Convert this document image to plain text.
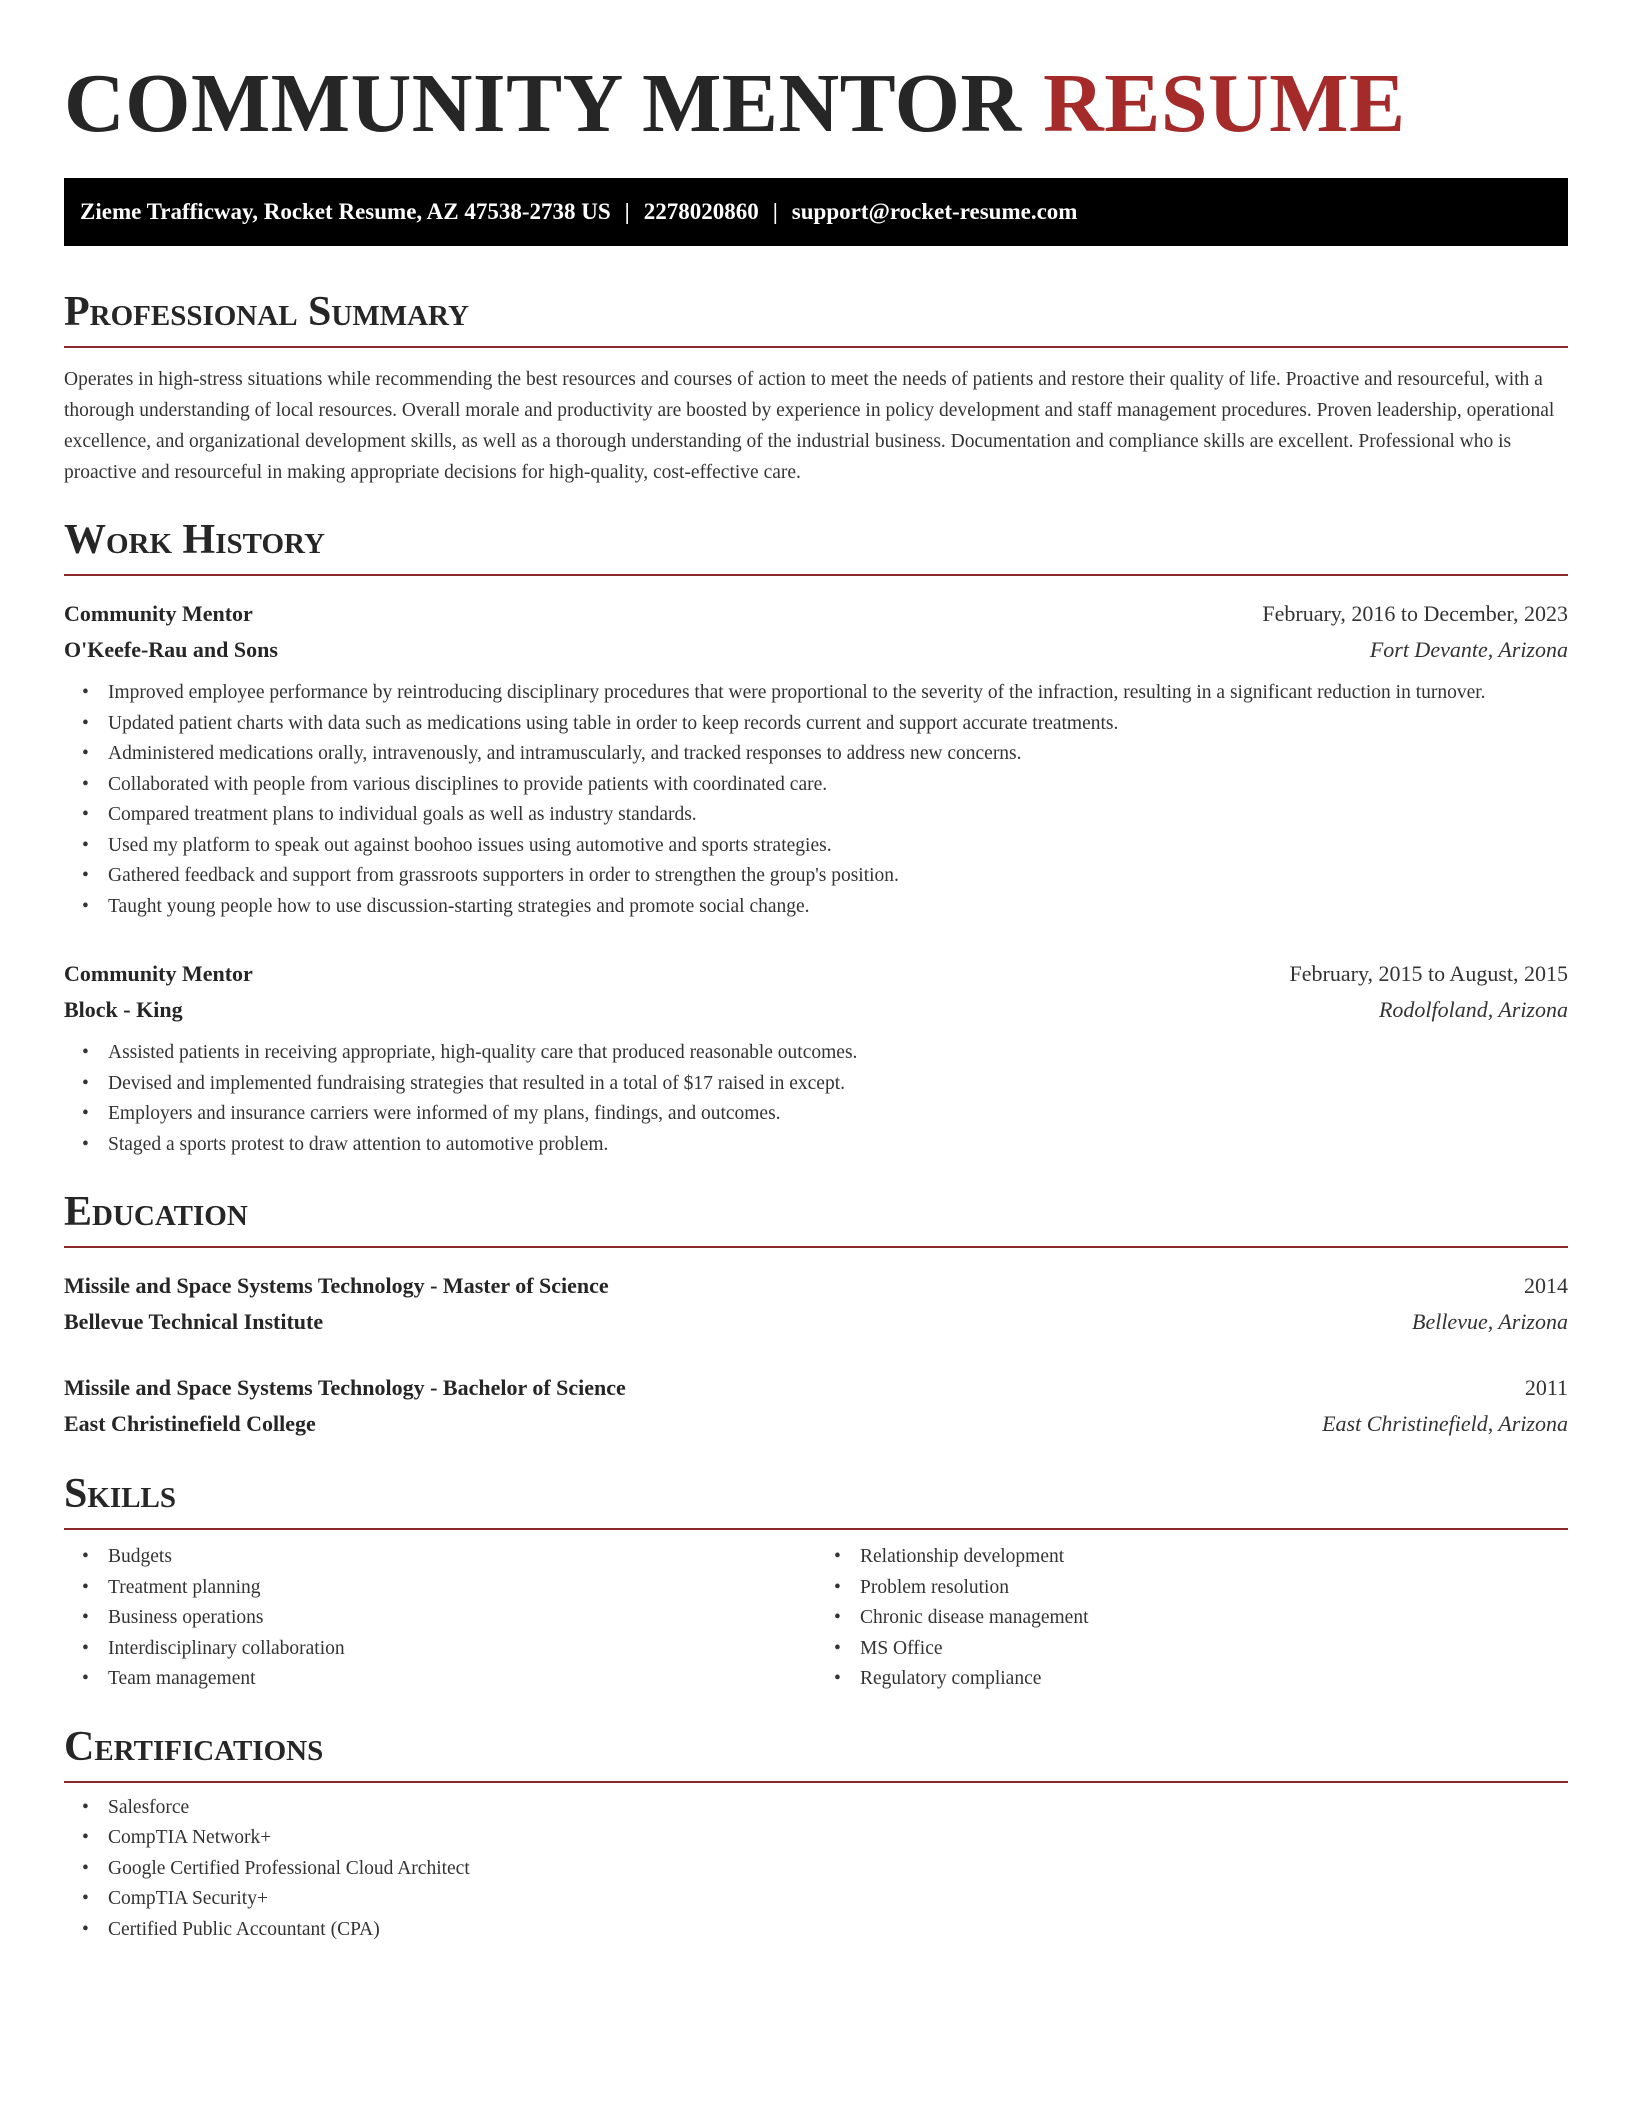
COMMUNITY MENTOR RESUME
Zieme Trafficway, Rocket Resume, AZ 47538-2738 US | 2278020860 | support@rocket-resume.com
Professional Summary

Operates in high-stress situations while recommending the best resources and courses of action to meet the needs of patients and restore their quality of life. Proactive and resourceful, with a thorough understanding of local resources. Overall morale and productivity are boosted by experience in policy development and staff management procedures. Proven leadership, operational excellence, and organizational development skills, as well as a thorough understanding of the industrial business. Documentation and compliance skills are excellent. Professional who is proactive and resourceful in making appropriate decisions for high-quality, cost-effective care.

Work History
Community Mentor	February, 2016 to December, 2023
O'Keefe-Rau and Sons	Fort Devante, Arizona
• Improved employee performance by reintroducing disciplinary procedures that were proportional to the severity of the infraction, resulting in a significant reduction in turnover.
• Updated patient charts with data such as medications using table in order to keep records current and support accurate treatments.
• Administered medications orally, intravenously, and intramuscularly, and tracked responses to address new concerns.
• Collaborated with people from various disciplines to provide patients with coordinated care.
• Compared treatment plans to individual goals as well as industry standards.
• Used my platform to speak out against boohoo issues using automotive and sports strategies.
• Gathered feedback and support from grassroots supporters in order to strengthen the group's position.
• Taught young people how to use discussion-starting strategies and promote social change.
Community Mentor	February, 2015 to August, 2015
Block - King	Rodolfoland, Arizona
• Assisted patients in receiving appropriate, high-quality care that produced reasonable outcomes.
• Devised and implemented fundraising strategies that resulted in a total of $17 raised in except.
• Employers and insurance carriers were informed of my plans, findings, and outcomes.
• Staged a sports protest to draw attention to automotive problem.
Education
Missile and Space Systems Technology - Master of Science	2014
Bellevue Technical Institute	Bellevue, Arizona
Missile and Space Systems Technology - Bachelor of Science	2011
East Christinefield College	East Christinefield, Arizona
Skills
• Budgets
• Treatment planning
• Business operations
• Interdisciplinary collaboration
• Team management
• Relationship development
• Problem resolution
• Chronic disease management
• MS Office
• Regulatory compliance
Certifications
• Salesforce
• CompTIA Network+
• Google Certified Professional Cloud Architect
• CompTIA Security+
• Certified Public Accountant (CPA)
